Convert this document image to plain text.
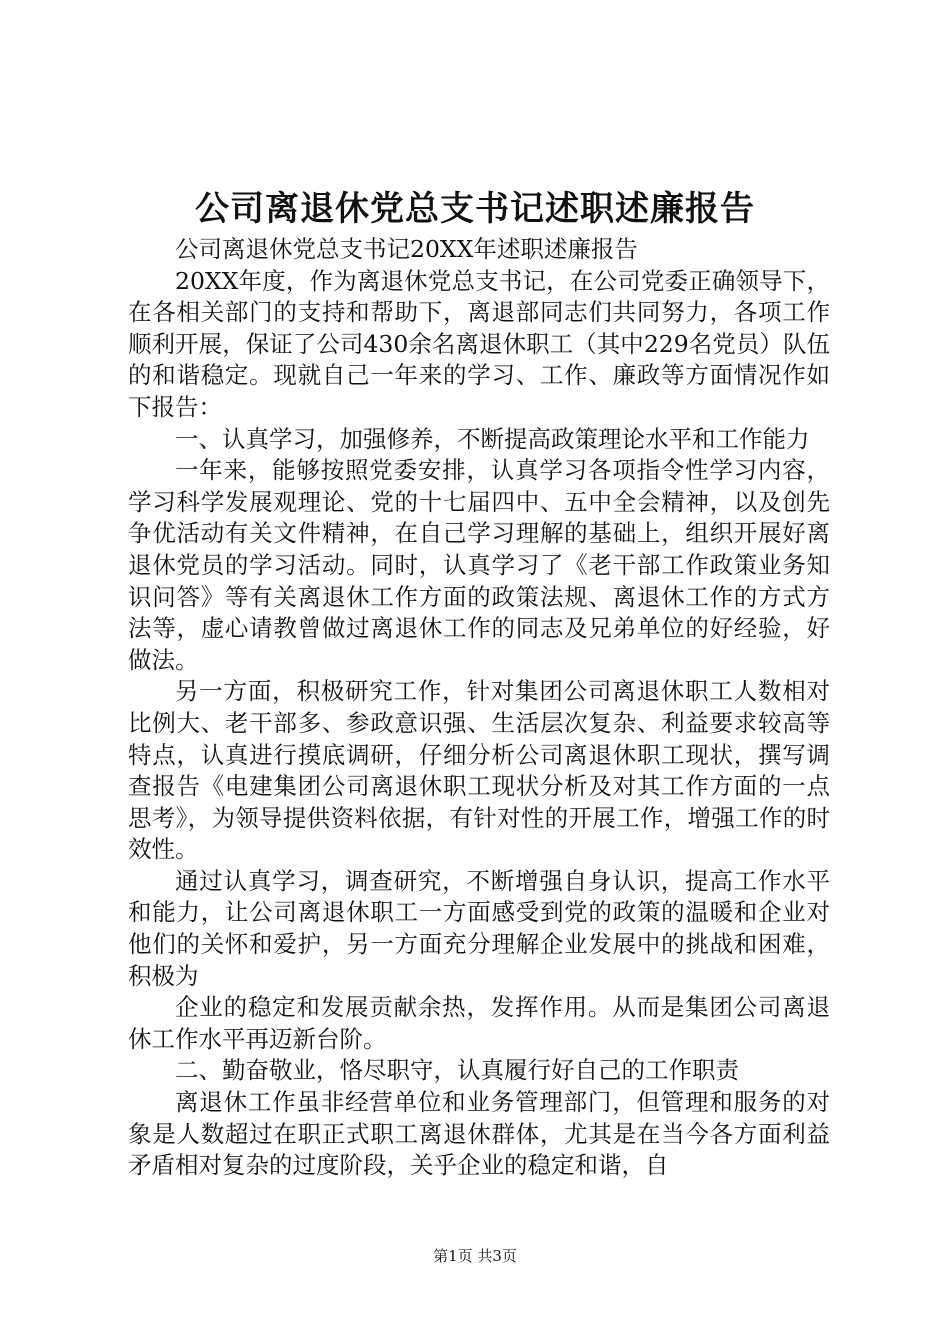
公司离退休党总支书记述职述廉报告

公司离退休党总支书记20XX年述职述廉报告

20XX年度，作为离退休党总支书记，在公司党委正确领导下，在各相关部门的支持和帮助下，离退部同志们共同努力，各项工作顺利开展，保证了公司430余名离退休职工（其中229名党员）队伍的和谐稳定。现就自己一年来的学习、工作、廉政等方面情况作如下报告：

一、认真学习，加强修养，不断提高政策理论水平和工作能力

一年来，能够按照党委安排，认真学习各项指令性学习内容，学习科学发展观理论、党的十七届四中、五中全会精神，以及创先争优活动有关文件精神，在自己学习理解的基础上，组织开展好离退休党员的学习活动。同时，认真学习了《老干部工作政策业务知识问答》等有关离退休工作方面的政策法规、离退休工作的方式方法等，虚心请教曾做过离退休工作的同志及兄弟单位的好经验，好做法。

另一方面，积极研究工作，针对集团公司离退休职工人数相对比例大、老干部多、参政意识强、生活层次复杂、利益要求较高等特点，认真进行摸底调研，仔细分析公司离退休职工现状，撰写调查报告《电建集团公司离退休职工现状分析及对其工作方面的一点思考》，为领导提供资料依据，有针对性的开展工作，增强工作的时效性。

通过认真学习，调查研究，不断增强自身认识，提高工作水平和能力，让公司离退休职工一方面感受到党的政策的温暖和企业对他们的关怀和爱护，另一方面充分理解企业发展中的挑战和困难，积极为

企业的稳定和发展贡献余热，发挥作用。从而是集团公司离退休工作水平再迈新台阶。

二、勤奋敬业，恪尽职守，认真履行好自己的工作职责

离退休工作虽非经营单位和业务管理部门，但管理和服务的对象是人数超过在职正式职工离退休群体，尤其是在当今各方面利益矛盾相对复杂的过度阶段，关乎企业的稳定和谐，自

第1页 共3页
